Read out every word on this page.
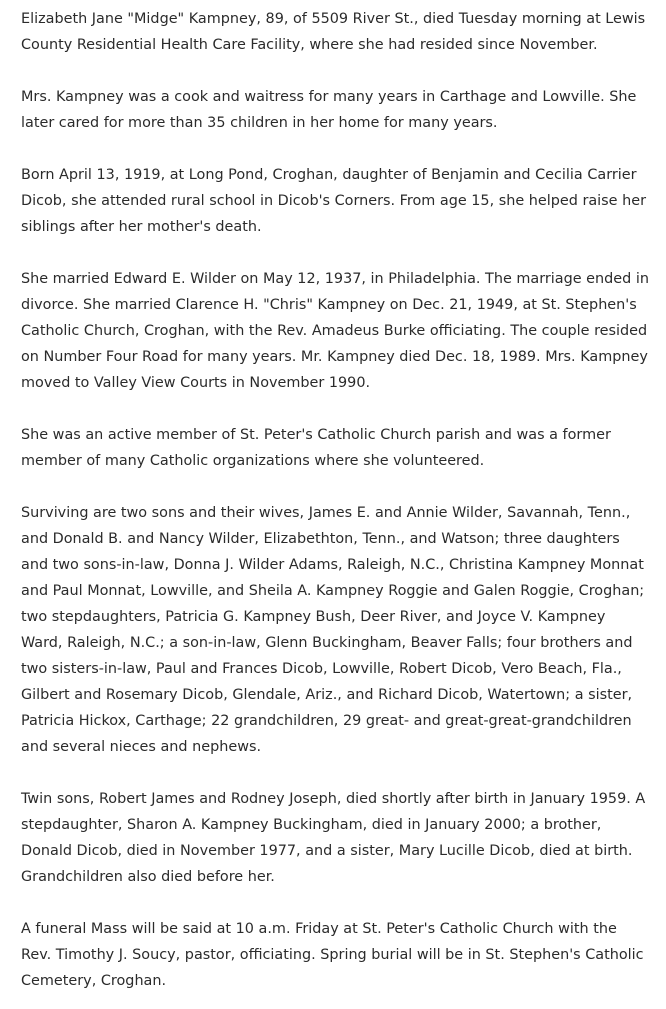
Elizabeth Jane "Midge" Kampney, 89, of 5509 River St., died Tuesday morning at Lewis County Residential Health Care Facility, where she had resided since November.

Mrs. Kampney was a cook and waitress for many years in Carthage and Lowville. She later cared for more than 35 children in her home for many years.

Born April 13, 1919, at Long Pond, Croghan, daughter of Benjamin and Cecilia Carrier Dicob, she attended rural school in Dicob's Corners. From age 15, she helped raise her siblings after her mother's death.

She married Edward E. Wilder on May 12, 1937, in Philadelphia. The marriage ended in divorce. She married Clarence H. "Chris" Kampney on Dec. 21, 1949, at St. Stephen's Catholic Church, Croghan, with the Rev. Amadeus Burke officiating. The couple resided on Number Four Road for many years. Mr. Kampney died Dec. 18, 1989. Mrs. Kampney moved to Valley View Courts in November 1990.

She was an active member of St. Peter's Catholic Church parish and was a former member of many Catholic organizations where she volunteered.

Surviving are two sons and their wives, James E. and Annie Wilder, Savannah, Tenn., and Donald B. and Nancy Wilder, Elizabethton, Tenn., and Watson; three daughters and two sons-in-law, Donna J. Wilder Adams, Raleigh, N.C., Christina Kampney Monnat and Paul Monnat, Lowville, and Sheila A. Kampney Roggie and Galen Roggie, Croghan; two stepdaughters, Patricia G. Kampney Bush, Deer River, and Joyce V. Kampney Ward, Raleigh, N.C.; a son-in-law, Glenn Buckingham, Beaver Falls; four brothers and two sisters-in-law, Paul and Frances Dicob, Lowville, Robert Dicob, Vero Beach, Fla., Gilbert and Rosemary Dicob, Glendale, Ariz., and Richard Dicob, Watertown; a sister, Patricia Hickox, Carthage; 22 grandchildren, 29 great- and great-great-grandchildren and several nieces and nephews.

Twin sons, Robert James and Rodney Joseph, died shortly after birth in January 1959. A stepdaughter, Sharon A. Kampney Buckingham, died in January 2000; a brother, Donald Dicob, died in November 1977, and a sister, Mary Lucille Dicob, died at birth. Grandchildren also died before her.

A funeral Mass will be said at 10 a.m. Friday at St. Peter's Catholic Church with the Rev. Timothy J. Soucy, pastor, officiating. Spring burial will be in St. Stephen's Catholic Cemetery, Croghan.
